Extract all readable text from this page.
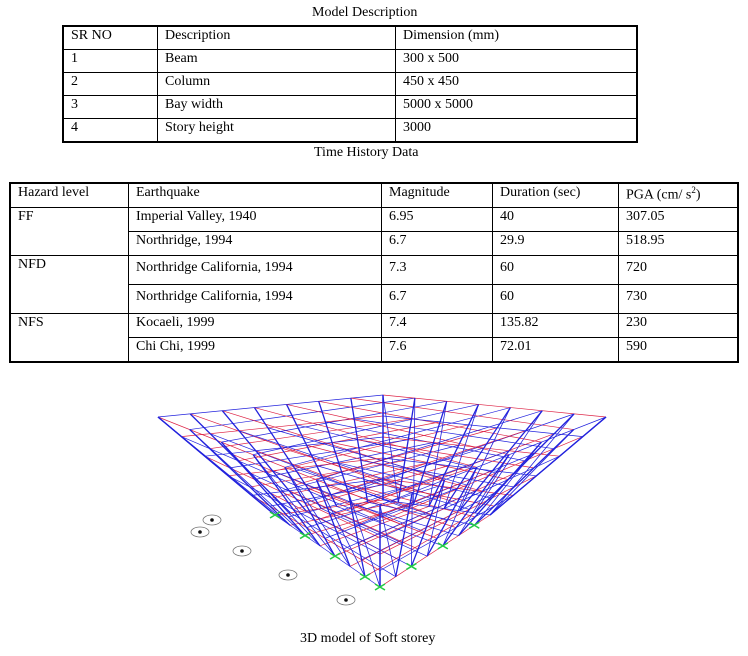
Model Description
SR NO	Description	Dimension (mm)
1	Beam	300 x 500
2	Column	450 x 450
3	Bay width	5000 x 5000
4	Story height	3000
Time History Data
Hazard level	Earthquake	Magnitude	Duration (sec)	PGA (cm/ $s^2$)
FF	Imperial Valley, 1940	6.95	40	307.05
	Northridge, 1994	6.7	29.9	518.95
NFD	Northridge California, 1994	7.3	60	720
	Northridge California, 1994	6.7	60	730
NFS	Kocaeli, 1999	7.4	135.82	230
	Chi Chi, 1999	7.6	72.01	590
3D model of Soft storey
